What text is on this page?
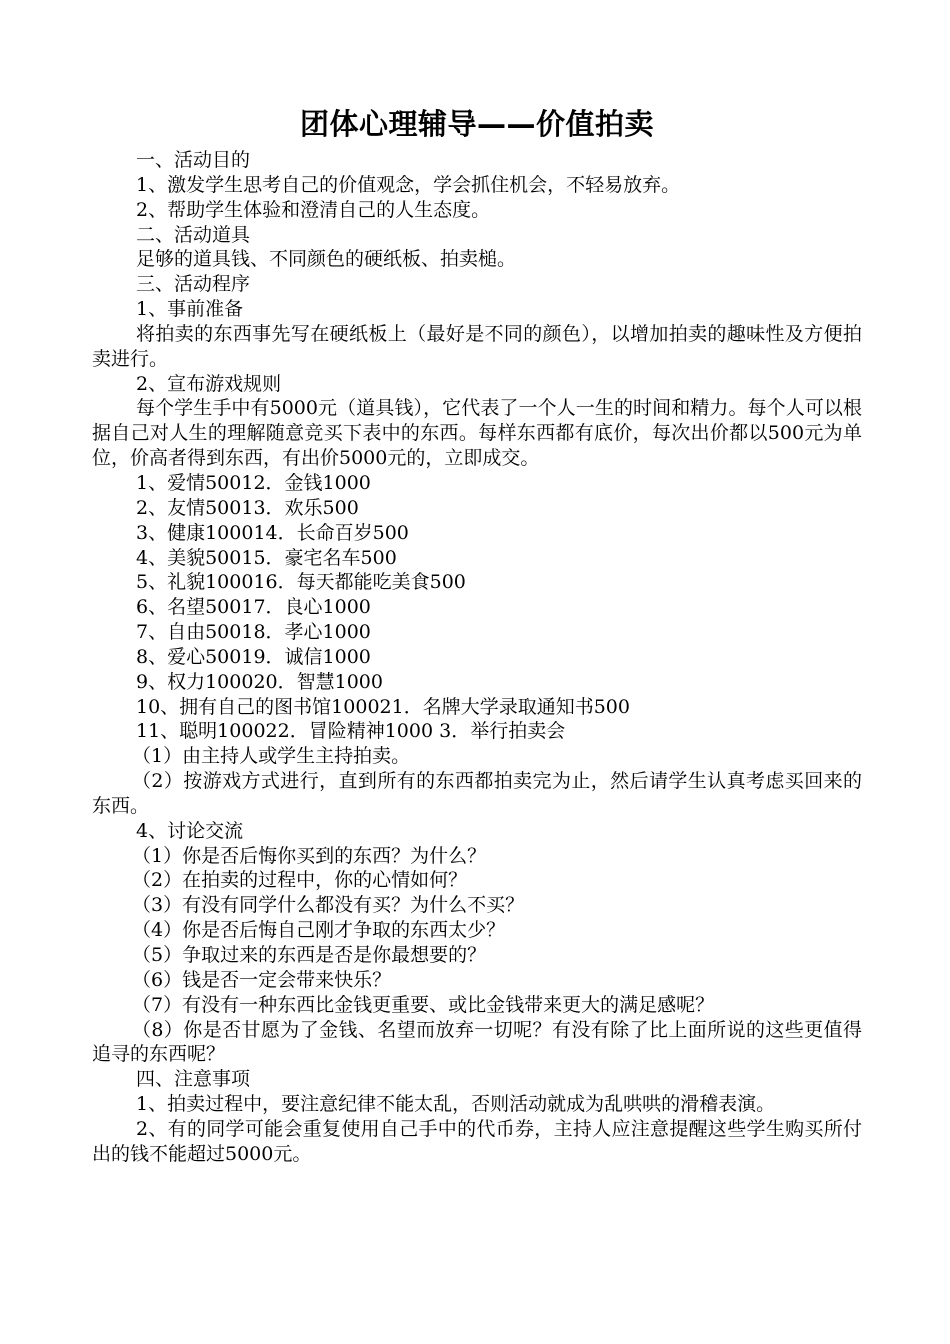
团体心理辅导——价值拍卖

一、活动目的

1、激发学生思考自己的价值观念，学会抓住机会，不轻易放弃。

2、帮助学生体验和澄清自己的人生态度。

二、活动道具

足够的道具钱、不同颜色的硬纸板、拍卖槌。

三、活动程序

1、事前准备

将拍卖的东西事先写在硬纸板上（最好是不同的颜色），以增加拍卖的趣味性及方便拍卖进行。

2、宣布游戏规则

每个学生手中有5000元（道具钱），它代表了一个人一生的时间和精力。每个人可以根据自己对人生的理解随意竞买下表中的东西。每样东西都有底价，每次出价都以500元为单位，价高者得到东西，有出价5000元的，立即成交。

1、爱情50012．金钱1000

2、友情50013．欢乐500

3、健康100014．长命百岁500

4、美貌50015．豪宅名车500

5、礼貌100016．每天都能吃美食500

6、名望50017．良心1000

7、自由50018．孝心1000

8、爱心50019．诚信1000

9、权力100020．智慧1000

10、拥有自己的图书馆100021．名牌大学录取通知书500

11、聪明100022．冒险精神1000 3．举行拍卖会

（1）由主持人或学生主持拍卖。

（2）按游戏方式进行，直到所有的东西都拍卖完为止，然后请学生认真考虑买回来的东西。

4、讨论交流

（1）你是否后悔你买到的东西？为什么？

（2）在拍卖的过程中，你的心情如何？

（3）有没有同学什么都没有买？为什么不买？

（4）你是否后悔自己刚才争取的东西太少？

（5）争取过来的东西是否是你最想要的？

（6）钱是否一定会带来快乐？

（7）有没有一种东西比金钱更重要、或比金钱带来更大的满足感呢？

（8）你是否甘愿为了金钱、名望而放弃一切呢？有没有除了比上面所说的这些更值得追寻的东西呢？

四、注意事项

1、拍卖过程中，要注意纪律不能太乱，否则活动就成为乱哄哄的滑稽表演。

2、有的同学可能会重复使用自己手中的代币券，主持人应注意提醒这些学生购买所付出的钱不能超过5000元。
